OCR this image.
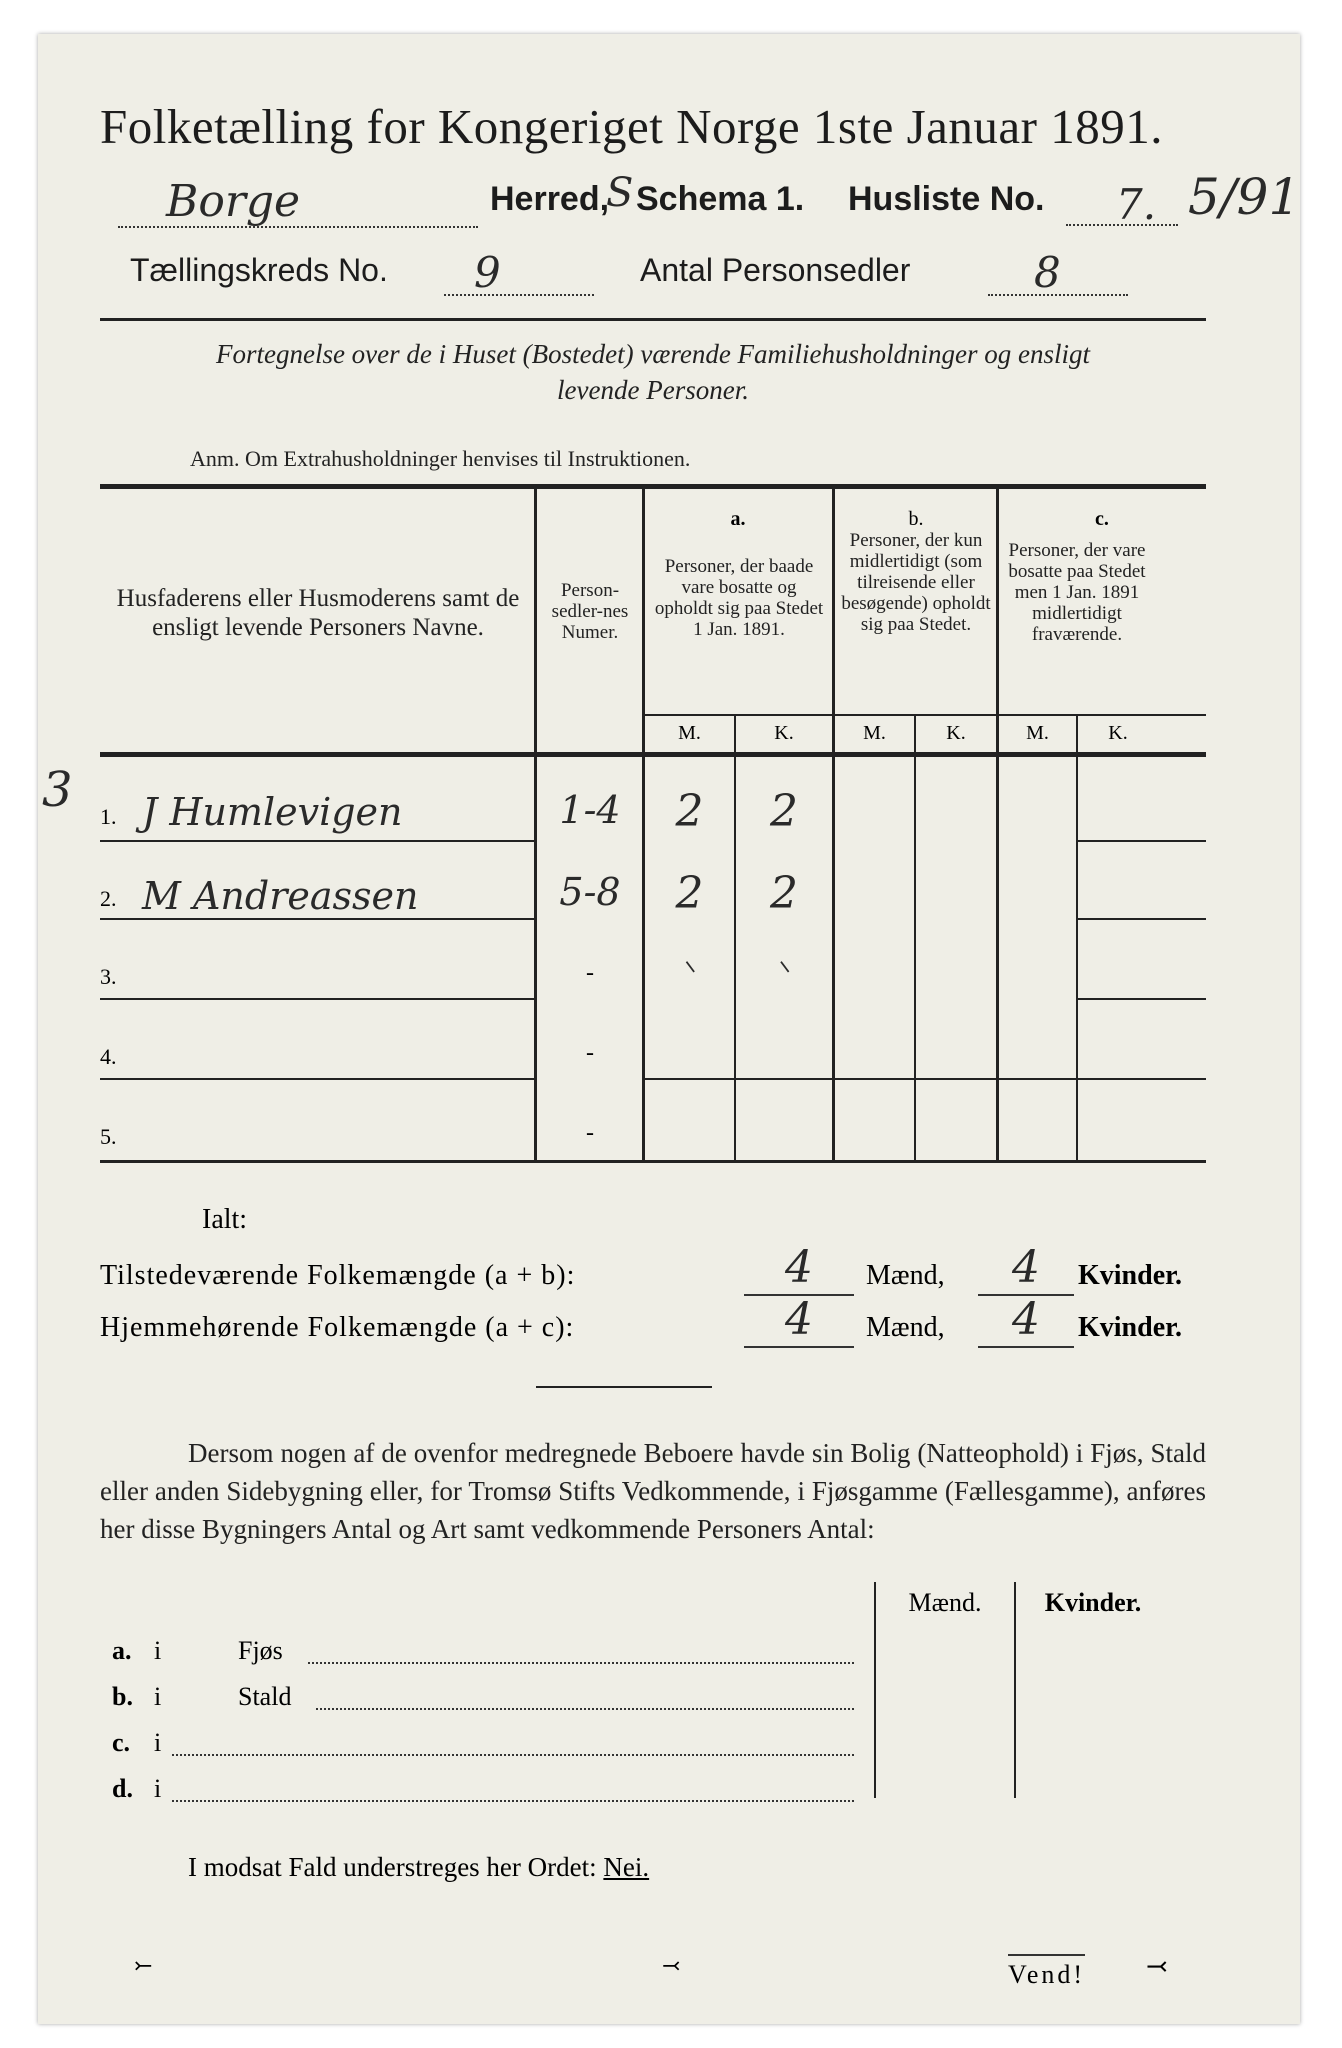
Folketælling for Kongeriget Norge 1ste Januar 1891.
Borge	Herred,
S Schema 1. Husliste No. 7. 5/91
Tællingskreds No. 9	Antal Personsedler	8
Fortegnelse over de i Huset (Bostedet) værende Familiehusholdninger og ensligt
levende Personer.
Anm. Om Extrahusholdninger henvises til Instruktionen.
Husfaderens eller Husmoderens samt de ensligt levende Personers Navne.
Person-sedler-nes Numer.
a.
Personer, der baade vare bosatte og opholdt sig paa Stedet 1 Jan. 1891.
b.
Personer, der kun midlertidigt (som tilreisende eller besøgende) opholdt sig paa Stedet.
c.
Personer, der vare bosatte paa Stedet men 1 Jan. 1891 midlertidigt fraværende.
M.	K.	M.	K.	M.	K.
3 1. J Humlevigen	1-4	2	2
2. M Andreassen	5-8	2	2
3.	-	⸜	⸜
4.	-
5.	-
Ialt:
Tilstedeværende Folkemængde (a + b):	4	Mænd,	4	Kvinder.
Hjemmehørende Folkemængde (a + c):	4	Mænd,	4	Kvinder.
Dersom nogen af de ovenfor medregnede Beboere havde sin Bolig (Natteophold) i Fjøs, Stald eller anden Sidebygning eller, for Tromsø Stifts Vedkommende, i Fjøsgamme (Fællesgamme), anføres her disse Bygningers Antal og Art samt vedkommende Personers Antal:
Mænd.	Kvinder.
a. i	Fjøs
b. i	Stald
c. i
d. i
I modsat Fald understreges her Ordet: Nei.
Vend! ⤙
⤚	⤙
